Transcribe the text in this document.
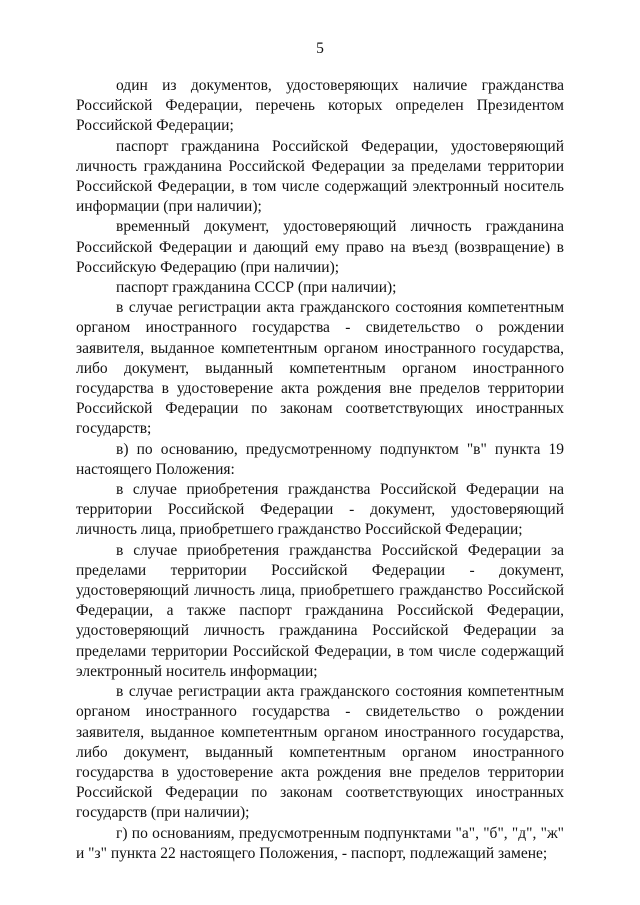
5

один из документов, удостоверяющих наличие гражданства Российской Федерации, перечень которых определен Президентом Российской Федерации;

паспорт гражданина Российской Федерации, удостоверяющий личность гражданина Российской Федерации за пределами территории Российской Федерации, в том числе содержащий электронный носитель информации (при наличии);

временный документ, удостоверяющий личность гражданина Российской Федерации и дающий ему право на въезд (возвращение) в Российскую Федерацию (при наличии);

паспорт гражданина СССР (при наличии);

в случае регистрации акта гражданского состояния компетентным органом иностранного государства - свидетельство о рождении заявителя, выданное компетентным органом иностранного государства, либо документ, выданный компетентным органом иностранного государства в удостоверение акта рождения вне пределов территории Российской Федерации по законам соответствующих иностранных государств;

в) по основанию, предусмотренному подпунктом "в" пункта 19 настоящего Положения:

в случае приобретения гражданства Российской Федерации на территории Российской Федерации - документ, удостоверяющий личность лица, приобретшего гражданство Российской Федерации;

в случае приобретения гражданства Российской Федерации за пределами территории Российской Федерации - документ, удостоверяющий личность лица, приобретшего гражданство Российской Федерации, а также паспорт гражданина Российской Федерации, удостоверяющий личность гражданина Российской Федерации за пределами территории Российской Федерации, в том числе содержащий электронный носитель информации;

в случае регистрации акта гражданского состояния компетентным органом иностранного государства - свидетельство о рождении заявителя, выданное компетентным органом иностранного государства, либо документ, выданный компетентным органом иностранного государства в удостоверение акта рождения вне пределов территории Российской Федерации по законам соответствующих иностранных государств (при наличии);

г) по основаниям, предусмотренным подпунктами "а", "б", "д", "ж" и "з" пункта 22 настоящего Положения, - паспорт, подлежащий замене;
